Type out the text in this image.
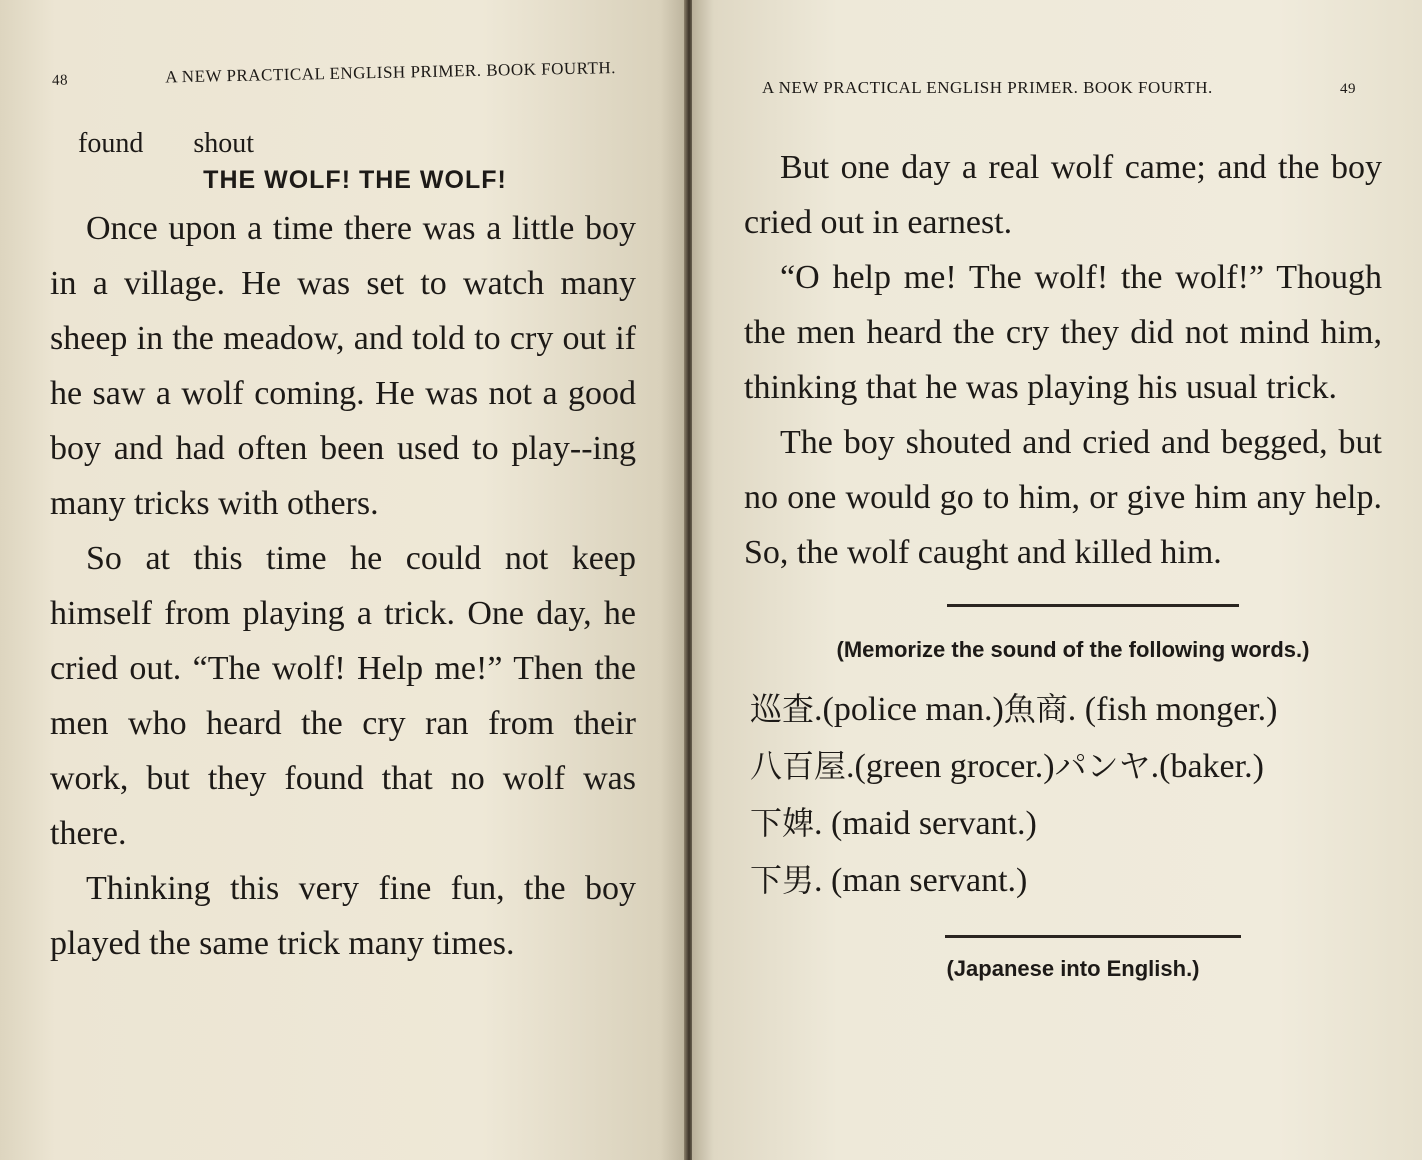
48	A NEW PRACTICAL ENGLISH PRIMER. BOOK FOURTH.
found shout
THE WOLF! THE WOLF!

Once upon a time there was a little boy in a village. He was set to watch many sheep in the meadow, and told to cry out if he saw a wolf coming. He was not a good boy and had often been used to play--ing many tricks with others.

So at this time he could not keep himself from playing a trick. One day, he cried out. “The wolf! Help me!” Then the men who heard the cry ran from their work, but they found that no wolf was there.

Thinking this very fine fun, the boy played the same trick many times.

A NEW PRACTICAL ENGLISH PRIMER. BOOK FOURTH.	49

But one day a real wolf came; and the boy cried out in earnest.

“O help me! The wolf! the wolf!” Though the men heard the cry they did not mind him, thinking that he was playing his usual trick.

The boy shouted and cried and begged, but no one would go to him, or give him any help. So, the wolf caught and killed him.

(Memorize the sound of the following words.)

巡査.(police man.)魚商. (fish monger.)

八百屋.(green grocer.)パンヤ.(baker.)

下婢. (maid servant.)

下男. (man servant.)

(Japanese into English.)
